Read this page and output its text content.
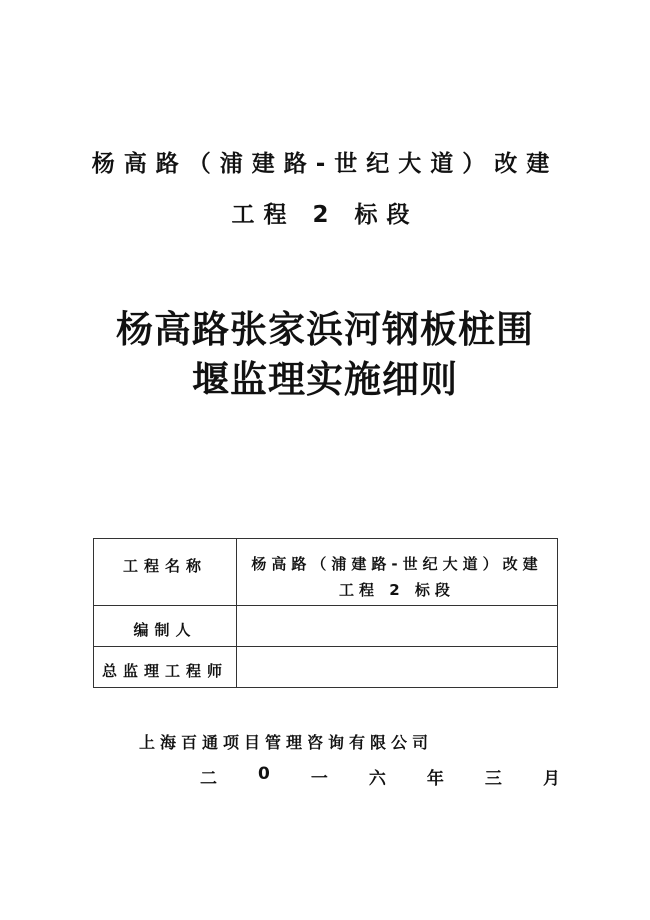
杨高路（浦建路-世纪大道）改建
工程 2 标段
杨高路张家浜河钢板桩围
堰监理实施细则
工程名称	杨高路（浦建路-世纪大道）改建
工程 2 标段

编制人	
总监理工程师	
上海百通项目管理咨询有限公司
二 0 一 六 年 三 月
